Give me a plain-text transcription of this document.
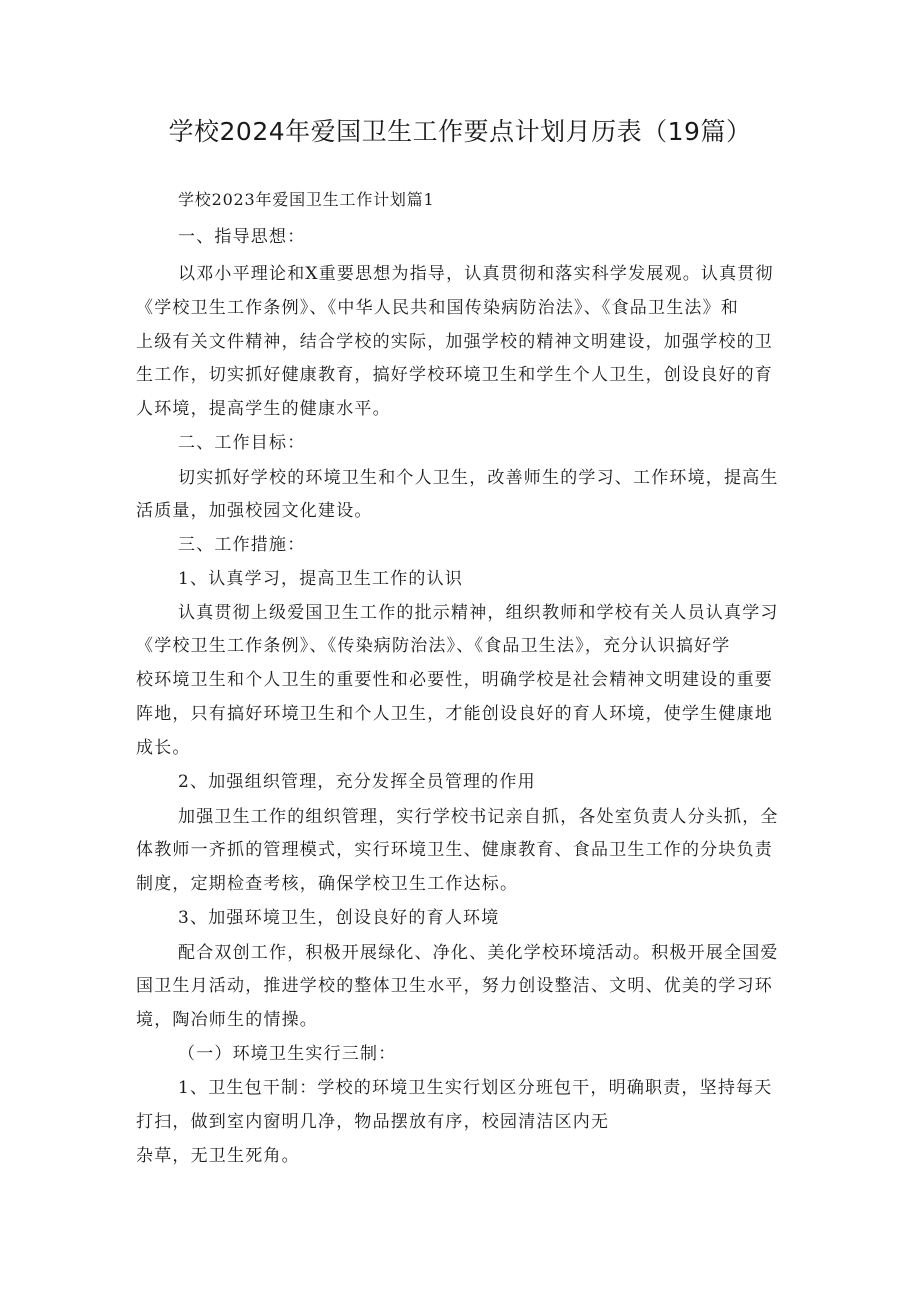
学校2024年爱国卫生工作要点计划月历表（19篇）
学校2023年爱国卫生工作计划篇1
一、指导思想：
以邓小平理论和X重要思想为指导，认真贯彻和落实科学发展观。认真贯彻
《学校卫生工作条例》、《中华人民共和国传染病防治法》、《食品卫生法》和
上级有关文件精神，结合学校的实际，加强学校的精神文明建设，加强学校的卫
生工作，切实抓好健康教育，搞好学校环境卫生和学生个人卫生，创设良好的育
人环境，提高学生的健康水平。
二、工作目标：
切实抓好学校的环境卫生和个人卫生，改善师生的学习、工作环境，提高生
活质量，加强校园文化建设。
三、工作措施：
1、认真学习，提高卫生工作的认识
认真贯彻上级爱国卫生工作的批示精神，组织教师和学校有关人员认真学习
《学校卫生工作条例》、《传染病防治法》、《食品卫生法》，充分认识搞好学
校环境卫生和个人卫生的重要性和必要性，明确学校是社会精神文明建设的重要
阵地，只有搞好环境卫生和个人卫生，才能创设良好的育人环境，使学生健康地
成长。
2、加强组织管理，充分发挥全员管理的作用
加强卫生工作的组织管理，实行学校书记亲自抓，各处室负责人分头抓，全
体教师一齐抓的管理模式，实行环境卫生、健康教育、食品卫生工作的分块负责
制度，定期检查考核，确保学校卫生工作达标。
3、加强环境卫生，创设良好的育人环境
配合双创工作，积极开展绿化、净化、美化学校环境活动。积极开展全国爱
国卫生月活动，推进学校的整体卫生水平，努力创设整洁、文明、优美的学习环
境，陶冶师生的情操。
（一）环境卫生实行三制：
1、卫生包干制：学校的环境卫生实行划区分班包干，明确职责，坚持每天
打扫，做到室内窗明几净，物品摆放有序，校园清洁区内无
杂草，无卫生死角。
